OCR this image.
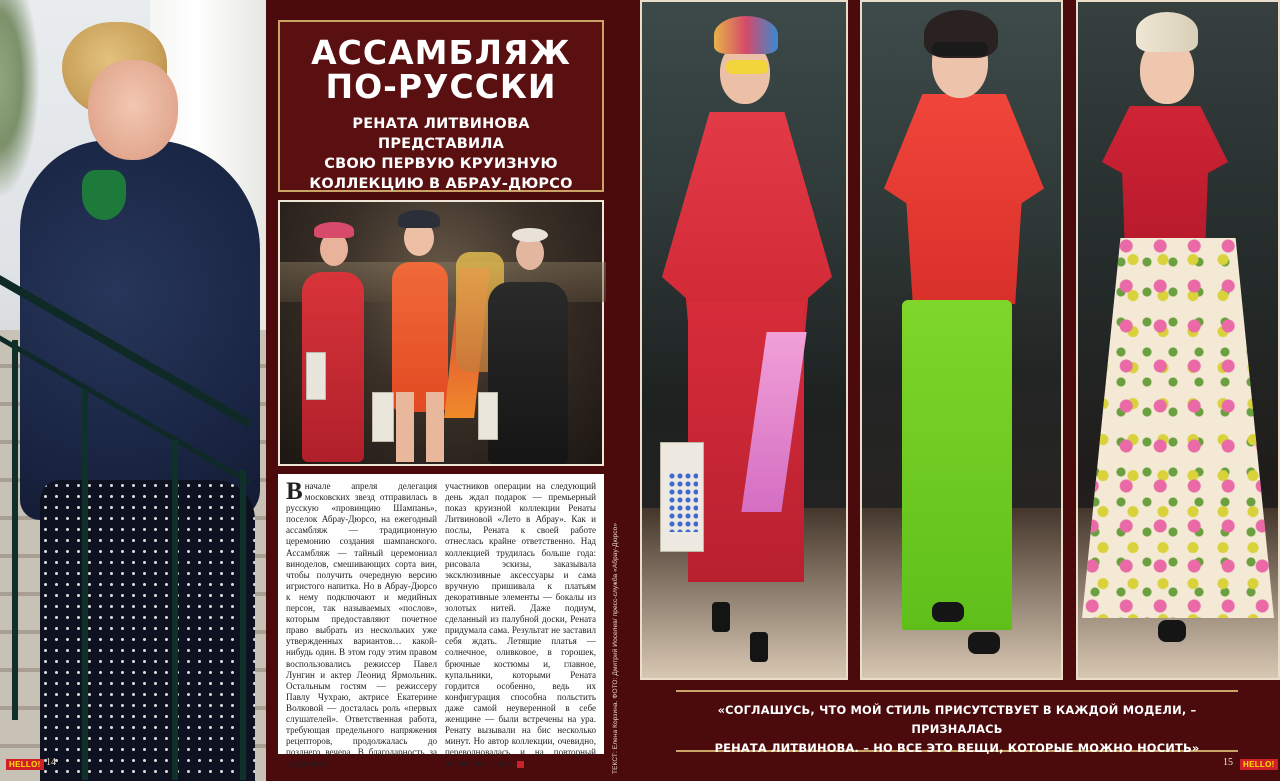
HELLO! 14
АССАМБЛЯЖ
ПО-РУССКИ
РЕНАТА ЛИТВИНОВА ПРЕДСТАВИЛА
СВОЮ ПЕРВУЮ КРУИЗНУЮ
КОЛЛЕКЦИЮ В АБРАУ-ДЮРСО
Вначале апреля делегация московских звезд отправилась в русскую «провинцию Шампань», поселок Абрау-Дюрсо, на ежегодный ассамбляж — традиционную церемонию создания шампанского. Ассамбляж — тайный церемониал виноделов, смешивающих сорта вин, чтобы получить очередную версию игристого напитка. Но в Абрау-Дюрсо к нему подключают и медийных персон, так называемых «послов», которым предоставляют почетное право выбрать из нескольких уже утвержденных вариантов… какой-нибудь один. В этом году этим правом воспользовались режиссер Павел Лунгин и актер Леонид Ярмольник. Остальным гостям — режиссеру Павлу Чухраю, актрисе Екатерине Волковой — досталась роль «первых слушателей». Ответственная работа, требующая предельного напряжения рецепторов, продолжалась до позднего вечера. В благодарность за труды всех
участников операции на следующий день ждал подарок — премьерный показ круизной коллекции Ренаты Литвиновой «Лето в Абрау». Как и послы, Рената к своей работе отнеслась крайне ответственно. Над коллекцией трудилась больше года: рисовала эскизы, заказывала эксклюзивные аксессуары и сама вручную пришивала к платьям декоративные элементы — бокалы из золотых нитей. Даже подиум, сделанный из палубной доски, Рената придумала сама. Результат не заставил себя ждать. Летящие платья — солнечное, оливковое, в горошек, брючные костюмы и, главное, купальники, которыми Рената гордится особенно, ведь их конфигурация способна польстить даже самой неуверенной в себе женщине — были встречены на ура. Ренату вызывали на бис несколько минут. Но автор коллекции, очевидно, переволновалась и на повторный поклон не вышла.	ТЕКСТ: Елена Корзина. ФОТО: Дмитрий Иоселев/ пресс-служба «Абрау-Дюрсо»	«СОГЛАШУСЬ, ЧТО МОЙ СТИЛЬ ПРИСУТСТВУЕТ В КАЖДОЙ МОДЕЛИ, – ПРИЗНАЛАСЬ

РЕНАТА ЛИТВИНОВА. – НО ВСЕ ЭТО ВЕЩИ, КОТОРЫЕ МОЖНО НОСИТЬ»

15	HELLO!
